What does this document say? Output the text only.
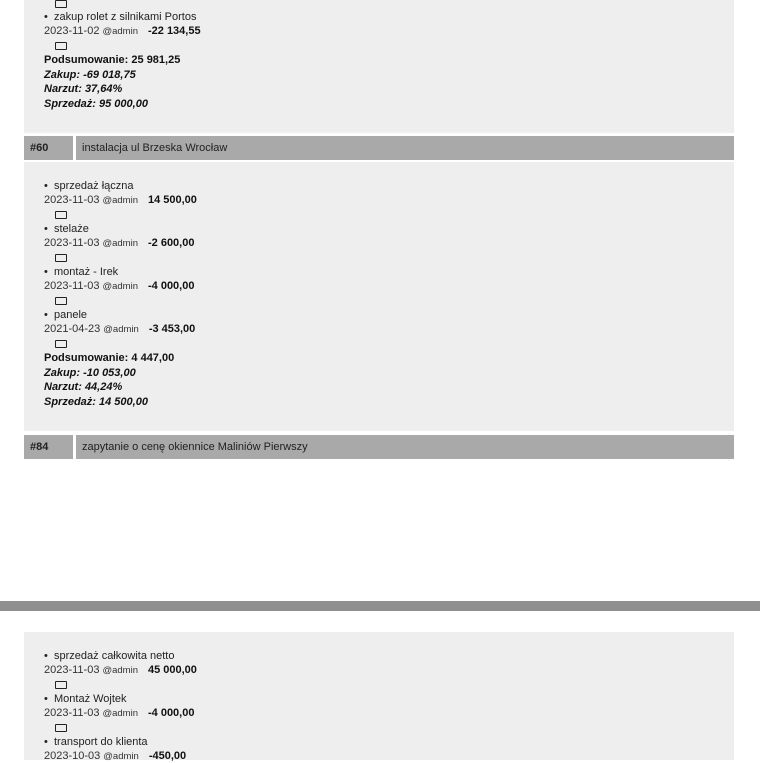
• zakup rolet z silnikami Portos
2023-11-02 @admin -22 134,55
Podsumowanie: 25 981,25
Zakup: -69 018,75
Narzut: 37,64%
Sprzedaż: 95 000,00
#60	instalacja ul Brzeska Wrocław
• sprzedaż łączna
2023-11-03 @admin 14 500,00
• stelaże
2023-11-03 @admin -2 600,00
• montaż - Irek
2023-11-03 @admin -4 000,00
• panele
2021-04-23 @admin -3 453,00
Podsumowanie: 4 447,00
Zakup: -10 053,00
Narzut: 44,24%
Sprzedaż: 14 500,00
#84	zapytanie o cenę okiennice Maliniów Pierwszy
• sprzedaż całkowita netto
2023-11-03 @admin 45 000,00
• Montaż Wojtek
2023-11-03 @admin -4 000,00
• transport do klienta
2023-10-03 @admin -450,00
